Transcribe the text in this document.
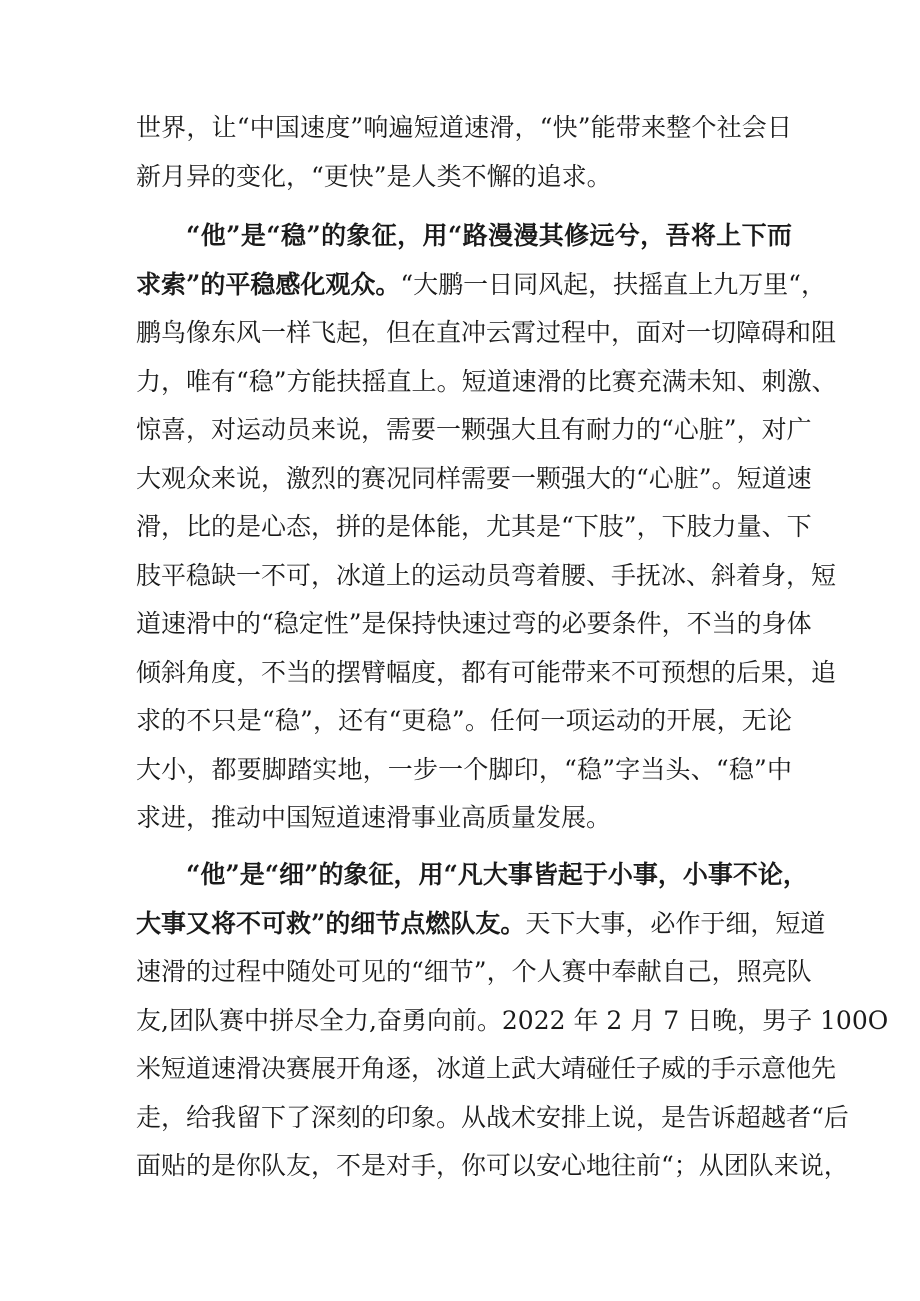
世界，让“中国速度”响遍短道速滑，“快”能带来整个社会日
新月异的变化，“更快”是人类不懈的追求。
“他”是“稳”的象征，用“路漫漫其修远兮，吾将上下而
求索”的平稳感化观众。“大鹏一日同风起，扶摇直上九万里“，
鹏鸟像东风一样飞起，但在直冲云霄过程中，面对一切障碍和阻
力，唯有“稳”方能扶摇直上。短道速滑的比赛充满未知、刺激、
惊喜，对运动员来说，需要一颗强大且有耐力的“心脏”，对广
大观众来说，激烈的赛况同样需要一颗强大的“心脏”。短道速
滑，比的是心态，拼的是体能，尤其是“下肢”，下肢力量、下
肢平稳缺一不可，冰道上的运动员弯着腰、手抚冰、斜着身，短
道速滑中的“稳定性”是保持快速过弯的必要条件，不当的身体
倾斜角度，不当的摆臂幅度，都有可能带来不可预想的后果，追
求的不只是“稳”，还有“更稳”。任何一项运动的开展，无论
大小，都要脚踏实地，一步一个脚印，“稳”字当头、“稳”中
求进，推动中国短道速滑事业高质量发展。
“他”是“细”的象征，用“凡大事皆起于小事，小事不论，
大事又将不可救”的细节点燃队友。天下大事，必作于细，短道
速滑的过程中随处可见的“细节”，个人赛中奉献自己，照亮队
友,团队赛中拼尽全力,奋勇向前。2022 年 2 月 7 日晚，男子 100O
米短道速滑决赛展开角逐，冰道上武大靖碰任子威的手示意他先
走，给我留下了深刻的印象。从战术安排上说，是告诉超越者“后
面贴的是你队友，不是对手，你可以安心地往前“；从团队来说，
